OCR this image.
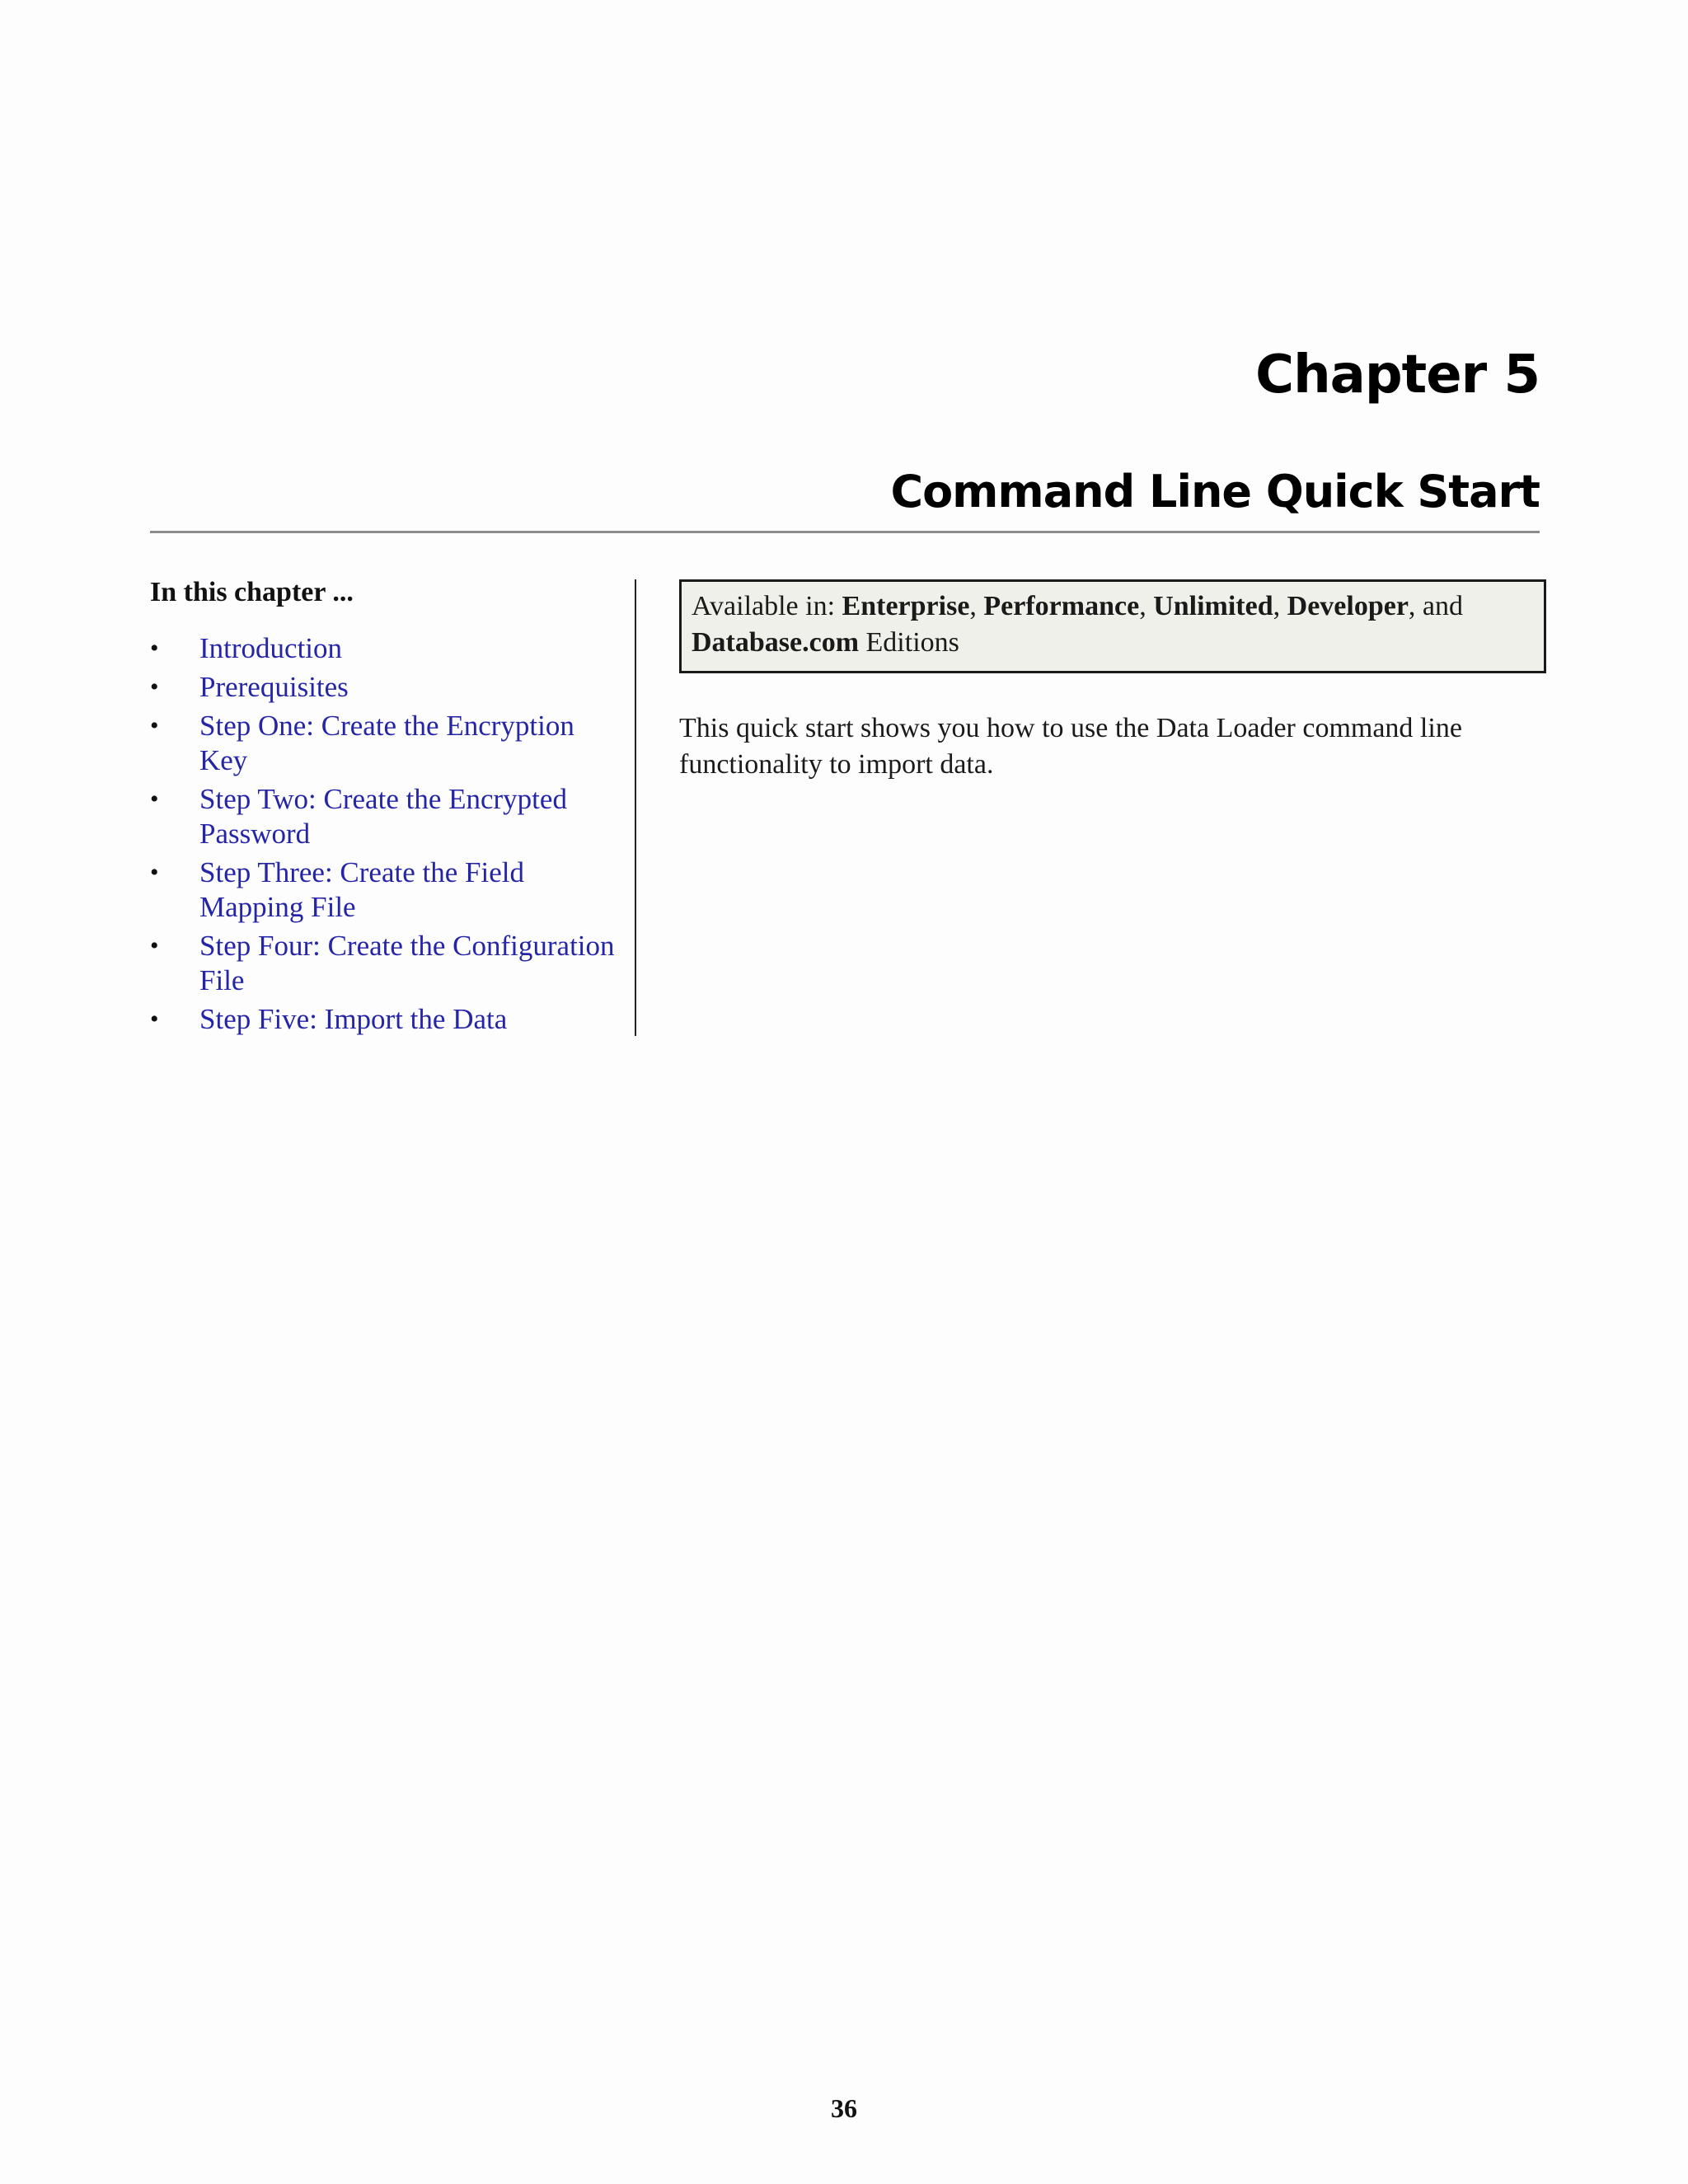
Chapter 5
Command Line Quick Start

In this chapter ...

• Introduction
• Prerequisites
• Step One: Create the Encryption Key
• Step Two: Create the Encrypted Password
• Step Three: Create the Field Mapping File
• Step Four: Create the Configuration File
• Step Five: Import the Data
Available in: Enterprise, Performance, Unlimited, Developer, and
Database.com Editions

This quick start shows you how to use the Data Loader command line functionality to import data.

36
